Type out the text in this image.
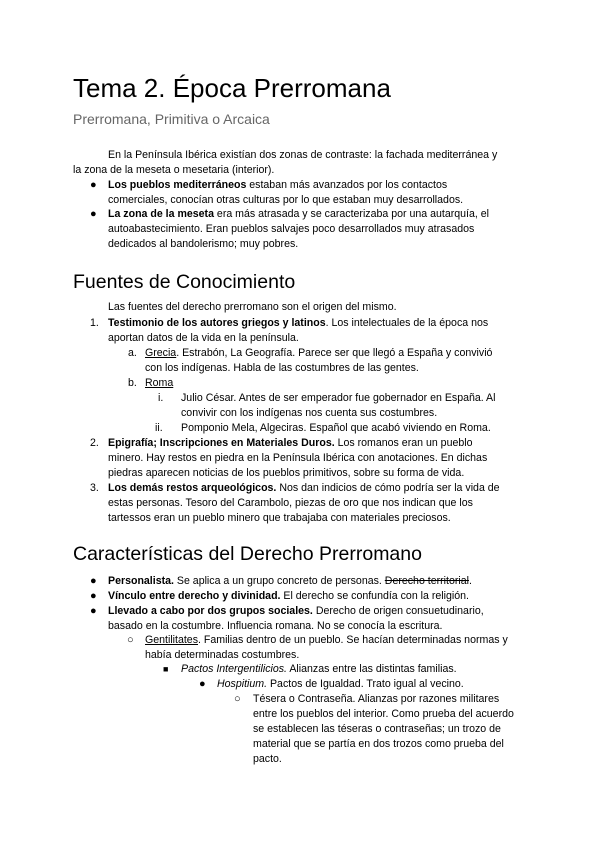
Tema 2. Época Prerromana
Prerromana, Primitiva o Arcaica
En la Península Ibérica existían dos zonas de contraste: la fachada mediterránea y
la zona de la meseta o mesetaria (interior).
● Los pueblos mediterráneos estaban más avanzados por los contactos
comerciales, conocían otras culturas por lo que estaban muy desarrollados.
● La zona de la meseta era más atrasada y se caracterizaba por una autarquía, el
autoabastecimiento. Eran pueblos salvajes poco desarrollados muy atrasados
dedicados al bandolerismo; muy pobres.
Fuentes de Conocimiento
Las fuentes del derecho prerromano son el origen del mismo.
1. Testimonio de los autores griegos y latinos. Los intelectuales de la época nos
aportan datos de la vida en la península.
a. Grecia. Estrabón, La Geografía. Parece ser que llegó a España y convivió
con los indígenas. Habla de las costumbres de las gentes.
b. Roma
i. Julio César. Antes de ser emperador fue gobernador en España. Al
convivir con los indígenas nos cuenta sus costumbres.
ii. Pomponio Mela, Algeciras. Español que acabó viviendo en Roma.
2. Epigrafía; Inscripciones en Materiales Duros. Los romanos eran un pueblo
minero. Hay restos en piedra en la Península Ibérica con anotaciones. En dichas
piedras aparecen noticias de los pueblos primitivos, sobre su forma de vida.
3. Los demás restos arqueológicos. Nos dan indicios de cómo podría ser la vida de
estas personas. Tesoro del Carambolo, piezas de oro que nos indican que los
tartessos eran un pueblo minero que trabajaba con materiales preciosos.
Características del Derecho Prerromano
● Personalista. Se aplica a un grupo concreto de personas. Derecho territorial.
● Vínculo entre derecho y divinidad. El derecho se confundía con la religión.
● Llevado a cabo por dos grupos sociales. Derecho de origen consuetudinario,
basado en la costumbre. Influencia romana. No se conocía la escritura.
○ Gentilitates. Familias dentro de un pueblo. Se hacían determinadas normas y
había determinadas costumbres.
■ Pactos Intergentilicios. Alianzas entre las distintas familias.
● Hospitium. Pactos de Igualdad. Trato igual al vecino.
○ Tésera o Contraseña. Alianzas por razones militares
entre los pueblos del interior. Como prueba del acuerdo
se establecen las téseras o contraseñas; un trozo de
material que se partía en dos trozos como prueba del
pacto.
